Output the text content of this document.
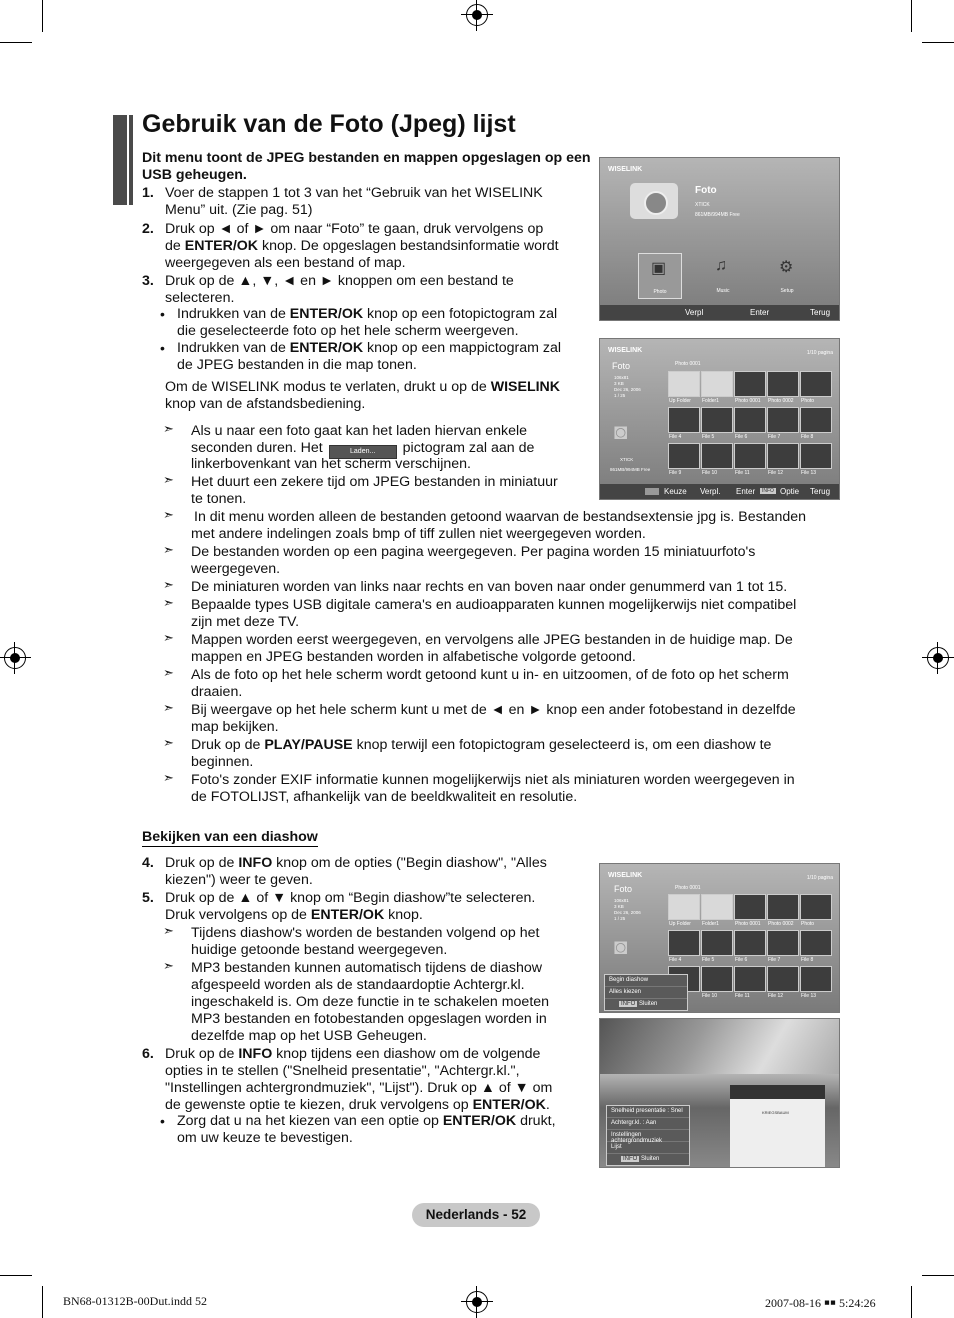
Gebruik van de Foto (Jpeg) lijst
Dit menu toont de JPEG bestanden en mappen opgeslagen op een USB geheugen.
1. Voer de stappen 1 tot 3 van het “Gebruik van het WISELINK
Menu” uit. (Zie pag. 51)
2. Druk op ◄ of ► om naar “Foto” te gaan, druk vervolgens op
de ENTER/OK knop. De opgeslagen bestandsinformatie wordt
weergegeven als een bestand of map.
3. Druk op de ▲, ▼, ◄ en ► knoppen om een bestand te
selecteren.
• Indrukken van de ENTER/OK knop op een fotopictogram zal
die geselecteerde foto op het hele scherm weergeven.
• Indrukken van de ENTER/OK knop op een mappictogram zal
de JPEG bestanden in die map tonen.
Om de WISELINK modus te verlaten, drukt u op de WISELINK
knop van de afstandsbediening.
➣ Als u naar een foto gaat kan het laden hiervan enkele
seconden duren. Het	Laden... pictogram zal aan de
linkerbovenkant van het scherm verschijnen.
➣ Het duurt een zekere tijd om JPEG bestanden in miniatuur
te tonen.
➣ In dit menu worden alleen de bestanden getoond waarvan de bestandsextensie jpg is. Bestanden
met andere indelingen zoals bmp of tiff zullen niet weergegeven worden.
➣ De bestanden worden op een pagina weergegeven. Per pagina worden 15 miniatuurfoto's
weergegeven.
➣ De miniaturen worden van links naar rechts en van boven naar onder genummerd van 1 tot 15.
➣ Bepaalde types USB digitale camera's en audioapparaten kunnen mogelijkerwijs niet compatibel
zijn met deze TV.
➣ Mappen worden eerst weergegeven, en vervolgens alle JPEG bestanden in de huidige map. De
mappen en JPEG bestanden worden in alfabetische volgorde getoond.
➣ Als de foto op het hele scherm wordt getoond kunt u in- en uitzoomen, of de foto op het scherm
draaien.
➣ Bij weergave op het hele scherm kunt u met de ◄ en ► knop een ander fotobestand in dezelfde
map bekijken.
➣ Druk op de PLAY/PAUSE knop terwijl een fotopictogram geselecteerd is, om een diashow te
beginnen.
➣ Foto's zonder EXIF informatie kunnen mogelijkerwijs niet als miniaturen worden weergegeven in
de FOTOLIJST, afhankelijk van de beeldkwaliteit en resolutie.
Bekijken van een diashow
4. Druk op de INFO knop om de opties ("Begin diashow", "Alles
kiezen") weer te geven.
5. Druk op de ▲ of ▼ knop om “Begin diashow”te selecteren.
Druk vervolgens op de ENTER/OK knop.
➣ Tijdens diashow's worden de bestanden volgend op het
huidige getoonde bestand weergegeven.
➣ MP3 bestanden kunnen automatisch tijdens de diashow
afgespeeld worden als de standaardoptie Achtergr.kl.
ingeschakeld is. Om deze functie in te schakelen moeten
MP3 bestanden en fotobestanden opgeslagen worden in
dezelfde map op het USB Geheugen.
6. Druk op de INFO knop tijdens een diashow om de volgende
opties in te stellen ("Snelheid presentatie", "Achtergr.kl.",
"Instellingen achtergrondmuziek", "Lijst"). Druk op ▲ of ▼ om
de gewenste optie te kiezen, druk vervolgens op ENTER/OK.
• Zorg dat u na het kiezen van een optie op ENTER/OK drukt,
om uw keuze te bevestigen.
WISELINK
Foto
XTICK
861MB/994MB Free
▣
Photo
♫
Music
⚙
Setup
Verpl	Enter	Terug
WISELINK	1/10 pagina
Foto	Photo 0001
106x81
3 KB
Dec 26, 2006
1 / 25
◙
XTICK
861MB/994MB Free
Up Folder Folder1	Photo 0001 Photo 0002 Photo
File 4	File 5	File 6	File 7	File 8
File 9	File 10	File 11	File 12	File 13
Keuze Verpl. Enter	INFO Optie Terug
WISELINK	1/10 pagina
Foto	Photo 0001
106x81
3 KB
Dec 26, 2006
1 / 25
◙
Up Folder Folder1	Photo 0001 Photo 0002 Photo
File 4	File 5	File 6	File 7	File 8
File 10	File 11	File 12	File 13
Begin diashow
Alles kiezen
INFO Sluiten
KRIEGSBAUM
Snelheid presentatie : Snel
Achtergr.kl. : Aan
Instellingen achtergrondmuziek
Lijst
INFO Sluiten
Nederlands - 52
BN68-01312B-00Dut.indd 52	2007-08-16 ￭￭ 5:24:26
